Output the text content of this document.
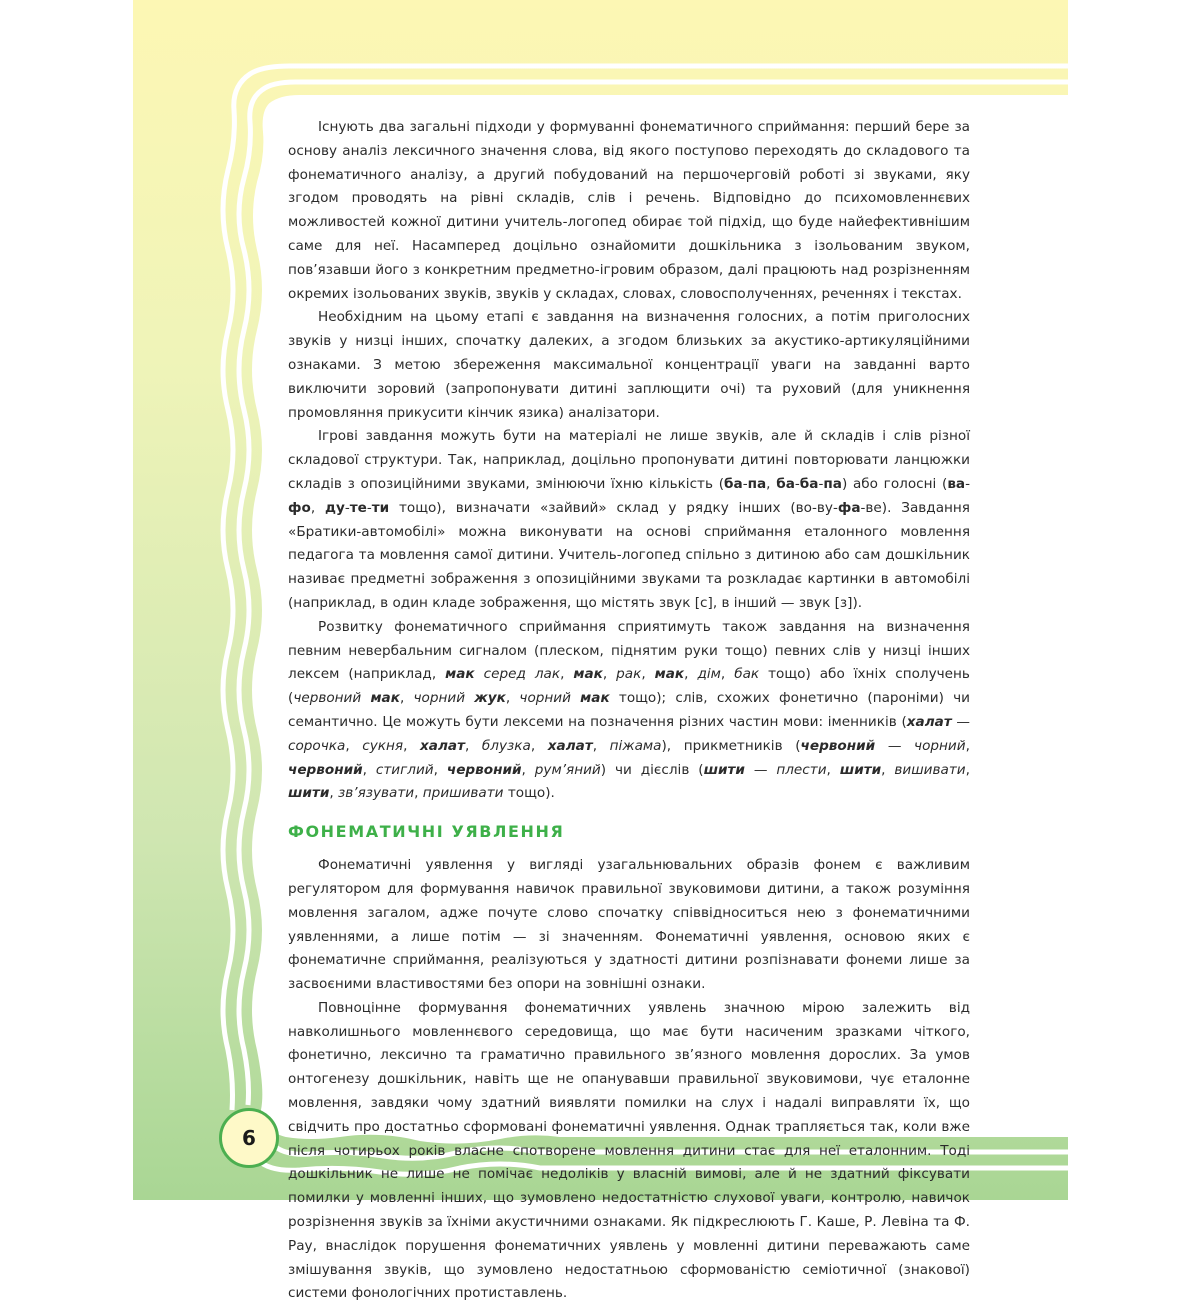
Існують два загальні підходи у формуванні фонематичного сприймання: перший бере за основу аналіз лексичного значення слова, від якого поступово переходять до складового та фонематичного аналізу, а другий побудований на першочерговій роботі зі звуками, яку згодом проводять на рівні складів, слів і речень. Відповідно до психомовленнєвих можливостей кожної дитини учитель-логопед обирає той підхід, що буде найефективнішим саме для неї. Насамперед доцільно ознайомити дошкільника з ізольованим звуком, пов’язавши його з конкретним предметно-ігровим образом, далі працюють над розрізненням окремих ізольованих звуків, звуків у складах, словах, словосполученнях, реченнях і текстах.

Необхідним на цьому етапі є завдання на визначення голосних, а потім приголосних звуків у низці інших, спочатку далеких, а згодом близьких за акустико-артикуляційними ознаками. З метою збереження максимальної концентрації уваги на завданні варто виключити зоровий (запропонувати дитині заплющити очі) та руховий (для уникнення промовляння прикусити кінчик язика) аналізатори.

Ігрові завдання можуть бути на матеріалі не лише звуків, але й складів і слів різної складової структури. Так, наприклад, доцільно пропонувати дитині повторювати ланцюжки складів з опозиційними звуками, змінюючи їхню кількість (ба-па, ба-ба-па) або голосні (ва-фо, ду-те-ти тощо), визначати «зайвий» склад у рядку інших (во-ву-фа-ве). Завдання «Братики-автомобілі» можна виконувати на основі сприймання еталонного мовлення педагога та мовлення самої дитини. Учитель-логопед спільно з дитиною або сам дошкільник називає предметні зображення з опозиційними звуками та розкладає картинки в автомобілі (наприклад, в один кладе зображення, що містять звук [с], в інший — звук [з]).

Розвитку фонематичного сприймання сприятимуть також завдання на визначення певним невербальним сигналом (плеском, піднятим руки тощо) певних слів у низці інших лексем (наприклад, мак серед лак, мак, рак, мак, дім, бак тощо) або їхніх сполучень (червоний мак, чорний жук, чорний мак тощо); слів, схожих фонетично (пароніми) чи семантично. Це можуть бути лексеми на позначення різних частин мови: іменників (халат — сорочка, сукня, халат, блузка, халат, піжама), прикметників (червоний — чорний, червоний, стиглий, червоний, рум’яний) чи дієслів (шити — плести, шити, вишивати, шити, зв’язувати, пришивати тощо).

ФОНЕМАТИЧНІ УЯВЛЕННЯ

Фонематичні уявлення у вигляді узагальнювальних образів фонем є важливим регулятором для формування навичок правильної звуковимови дитини, а також розуміння мовлення загалом, адже почуте слово спочатку співвідноситься нею з фонематичними уявленнями, а лише потім — зі значенням. Фонематичні уявлення, основою яких є фонематичне сприймання, реалізуються у здатності дитини розпізнавати фонеми лише за засвоєними властивостями без опори на зовнішні ознаки.

Повноцінне формування фонематичних уявлень значною мірою залежить від навколишнього мовленнєвого середовища, що має бути насиченим зразками чіткого, фонетично, лексично та граматично правильного зв’язного мовлення дорослих. За умов онтогенезу дошкільник, навіть ще не опанувавши правильної звуковимови, чує еталонне мовлення, завдяки чому здатний виявляти помилки на слух і надалі виправляти їх, що свідчить про достатньо сформовані фонематичні уявлення. Однак трапляється так, коли вже після чотирьох років власне спотворене мовлення дитини стає для неї еталонним. Тоді дошкільник не лише не помічає недоліків у власній вимові, але й не здатний фіксувати помилки у мовленні інших, що зумовлено недостатністю слухової уваги, контролю, навичок розрізнення звуків за їхніми акустичними ознаками. Як підкреслюють Г. Каше, Р. Левіна та Ф. Рау, внаслідок порушення фонематичних уявлень у мовленні дитини переважають саме змішування звуків, що зумовлено недостатньою сформованістю семіотичної (знакової) системи фонологічних протиставлень.

6
